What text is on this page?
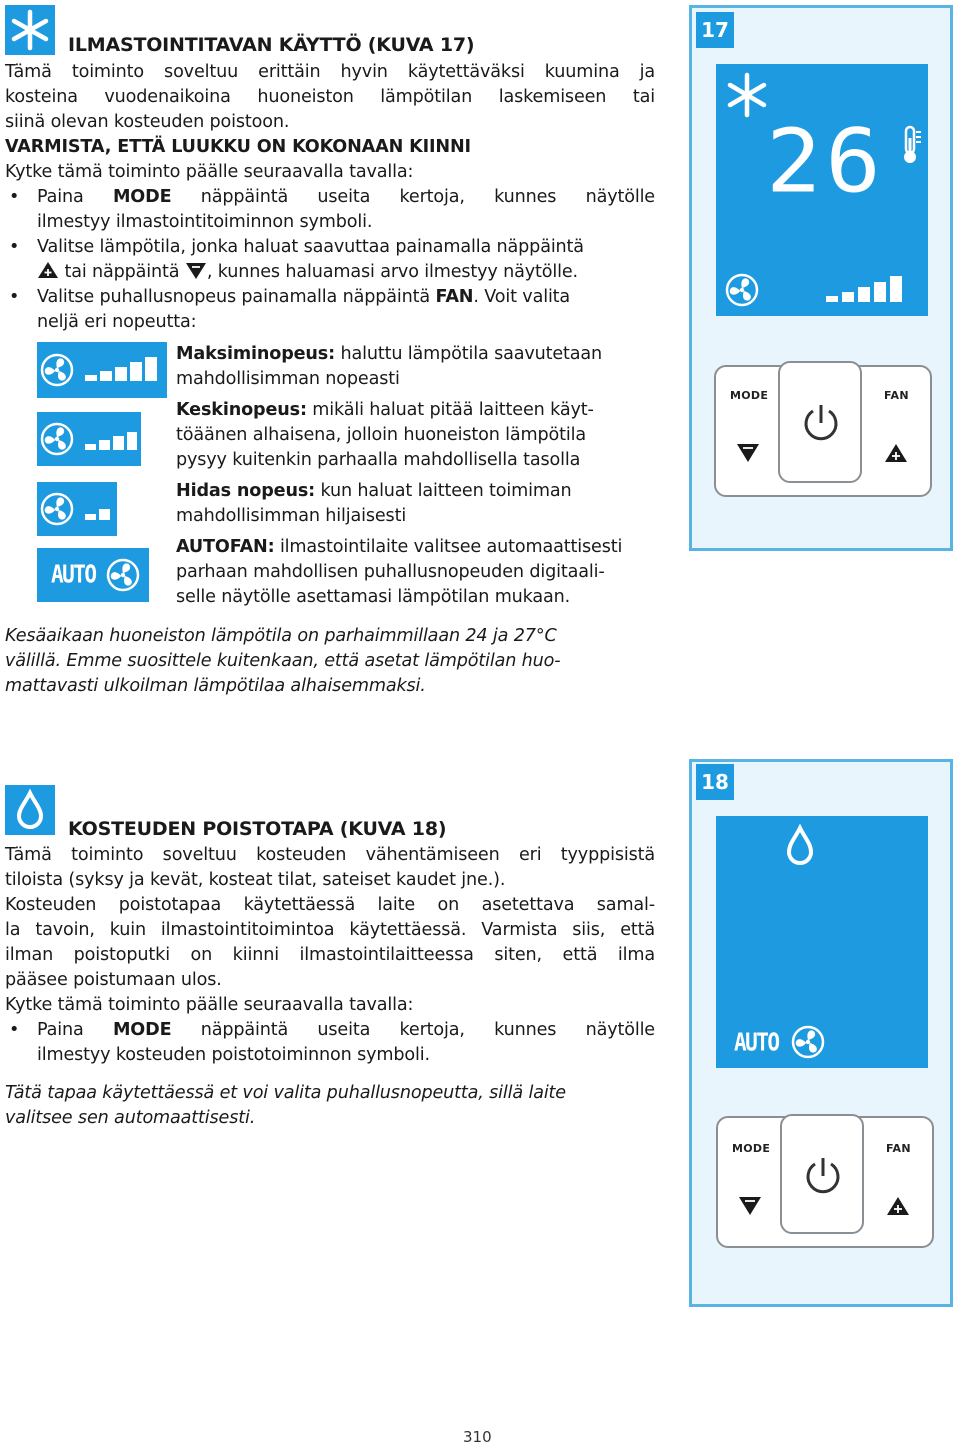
ILMASTOINTITAVAN KÄYTTÖ (KUVA 17)
Tämä toiminto soveltuu erittäin hyvin käytettäväksi kuumina ja
kosteina vuodenaikoina huoneiston lämpötilan laskemiseen tai
siinä olevan kosteuden poistoon.
VARMISTA, ETTÄ LUUKKU ON KOKONAAN KIINNI
Kytke tämä toiminto päälle seuraavalla tavalla:
• Paina MODE näppäintä useita kertoja, kunnes näytölle
ilmestyy ilmastointitoiminnon symboli.
• Valitse lämpötila, jonka haluat saavuttaa painamalla näppäintä
tai näppäintä , kunnes haluamasi arvo ilmestyy näytölle.
• Valitse puhallusnopeus painamalla näppäintä FAN. Voit valita
neljä eri nopeutta:
AUTO
Maksiminopeus: haluttu lämpötila saavutetaan
mahdollisimman nopeasti
Keskinopeus: mikäli haluat pitää laitteen käyt-
töäänen alhaisena, jolloin huoneiston lämpötila
pysyy kuitenkin parhaalla mahdollisella tasolla
Hidas nopeus: kun haluat laitteen toimiman
mahdollisimman hiljaisesti
AUTOFAN: ilmastointilaite valitsee automaattisesti
parhaan mahdollisen puhallusnopeuden digitaali-
selle näytölle asettamasi lämpötilan mukaan.
Kesäaikaan huoneiston lämpötila on parhaimmillaan 24 ja 27°C
välillä. Emme suosittele kuitenkaan, että asetat lämpötilan huo-
mattavasti ulkoilman lämpötilaa alhaisemmaksi.
17
26
MODE	FAN
KOSTEUDEN POISTOTAPA (KUVA 18)
Tämä toiminto soveltuu kosteuden vähentämiseen eri tyyppisistä
tiloista (syksy ja kevät, kosteat tilat, sateiset kaudet jne.).
Kosteuden poistotapaa käytettäessä laite on asetettava samal-
la tavoin, kuin ilmastointitoimintoa käytettäessä. Varmista siis, että
ilman poistoputki on kiinni ilmastointilaitteessa siten, että ilma
pääsee poistumaan ulos.
Kytke tämä toiminto päälle seuraavalla tavalla:
• Paina MODE näppäintä useita kertoja, kunnes näytölle
ilmestyy kosteuden poistotoiminnon symboli.
Tätä tapaa käytettäessä et voi valita puhallusnopeutta, sillä laite
valitsee sen automaattisesti.
18
AUTO
MODE	FAN
310
